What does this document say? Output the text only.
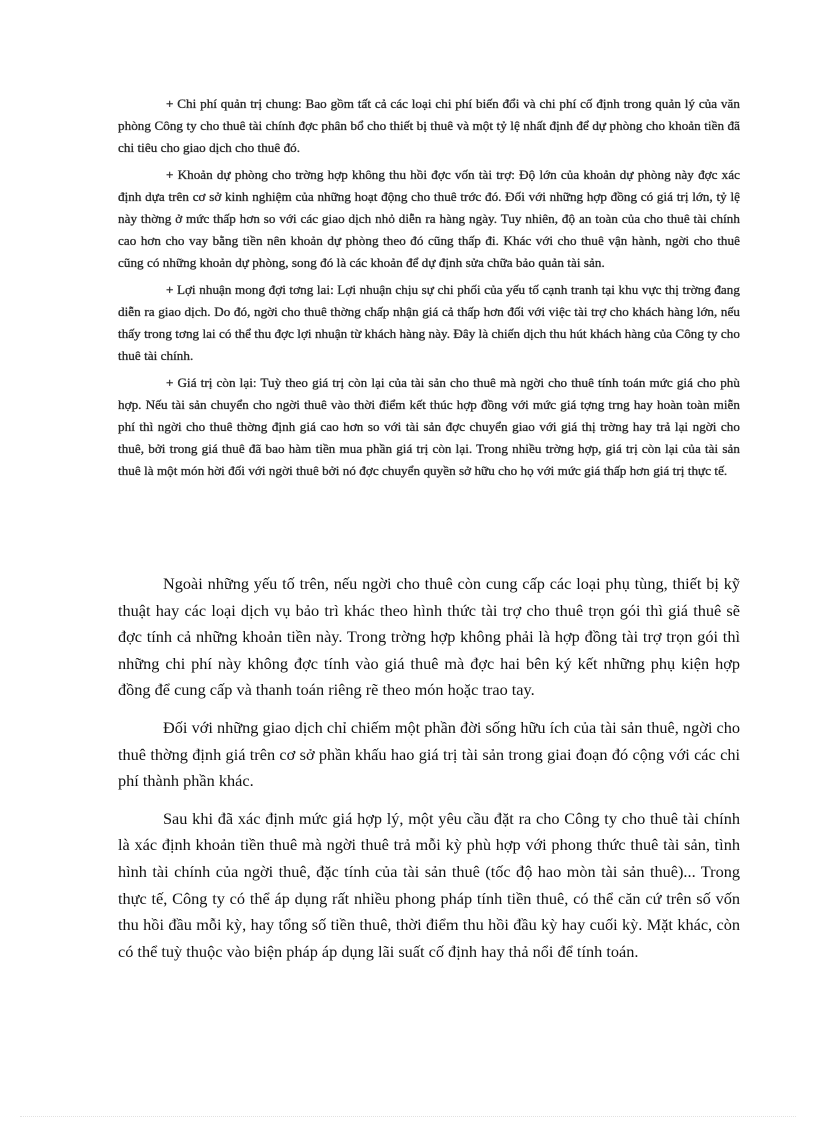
+ Chi phí quản trị chung: Bao gồm tất cả các loại chi phí biến đổi và chi phí cố định trong quản lý của văn phòng Công ty cho thuê tài chính đợc phân bổ cho thiết bị thuê và một tỷ lệ nhất định để dự phòng cho khoản tiền đã chi tiêu cho giao dịch cho thuê đó.

+ Khoản dự phòng cho trờng hợp không thu hồi đợc vốn tài trợ: Độ lớn của khoản dự phòng này đợc xác định dựa trên cơ sở kinh nghiệm của những hoạt động cho thuê trớc đó. Đối với những hợp đồng có giá trị lớn, tỷ lệ này thờng ở mức thấp hơn so với các giao dịch nhỏ diễn ra hàng ngày. Tuy nhiên, độ an toàn của cho thuê tài chính cao hơn cho vay bằng tiền nên khoản dự phòng theo đó cũng thấp đi. Khác với cho thuê vận hành, ngời cho thuê cũng có những khoản dự phòng, song đó là các khoản để dự định sửa chữa bảo quản tài sản.

+ Lợi nhuận mong đợi tơng lai: Lợi nhuận chịu sự chi phối của yếu tố cạnh tranh tại khu vực thị trờng đang diễn ra giao dịch. Do đó, ngời cho thuê thờng chấp nhận giá cả thấp hơn đối với việc tài trợ cho khách hàng lớn, nếu thấy trong tơng lai có thể thu đợc lợi nhuận từ khách hàng này. Đây là chiến dịch thu hút khách hàng của Công ty cho thuê tài chính.

+ Giá trị còn lại: Tuỳ theo giá trị còn lại của tài sản cho thuê mà ngời cho thuê tính toán mức giá cho phù hợp. Nếu tài sản chuyển cho ngời thuê vào thời điểm kết thúc hợp đồng với mức giá tợng trng hay hoàn toàn miễn phí thì ngời cho thuê thờng định giá cao hơn so với tài sản đợc chuyển giao với giá thị trờng hay trả lại ngời cho thuê, bởi trong giá thuê đã bao hàm tiền mua phần giá trị còn lại. Trong nhiều trờng hợp, giá trị còn lại của tài sản thuê là một món hời đối với ngời thuê bởi nó đợc chuyển quyền sở hữu cho họ với mức giá thấp hơn giá trị thực tế.

Ngoài những yếu tố trên, nếu ngời cho thuê còn cung cấp các loại phụ tùng, thiết bị kỹ thuật hay các loại dịch vụ bảo trì khác theo hình thức tài trợ cho thuê trọn gói thì giá thuê sẽ đợc tính cả những khoản tiền này. Trong trờng hợp không phải là hợp đồng tài trợ trọn gói thì những chi phí này không đợc tính vào giá thuê mà đợc hai bên ký kết những phụ kiện hợp đồng để cung cấp và thanh toán riêng rẽ theo món hoặc trao tay.

Đối với những giao dịch chỉ chiếm một phần đời sống hữu ích của tài sản thuê, ngời cho thuê thờng định giá trên cơ sở phần khấu hao giá trị tài sản trong giai đoạn đó cộng với các chi phí thành phần khác.

Sau khi đã xác định mức giá hợp lý, một yêu cầu đặt ra cho Công ty cho thuê tài chính là xác định khoản tiền thuê mà ngời thuê trả mỗi kỳ phù hợp với phong thức thuê tài sản, tình hình tài chính của ngời thuê, đặc tính của tài sản thuê (tốc độ hao mòn tài sản thuê)... Trong thực tế, Công ty có thể áp dụng rất nhiều phong pháp tính tiền thuê, có thể căn cứ trên số vốn thu hồi đầu mỗi kỳ, hay tổng số tiền thuê, thời điểm thu hồi đầu kỳ hay cuối kỳ. Mặt khác, còn có thể tuỳ thuộc vào biện pháp áp dụng lãi suất cố định hay thả nổi để tính toán.
